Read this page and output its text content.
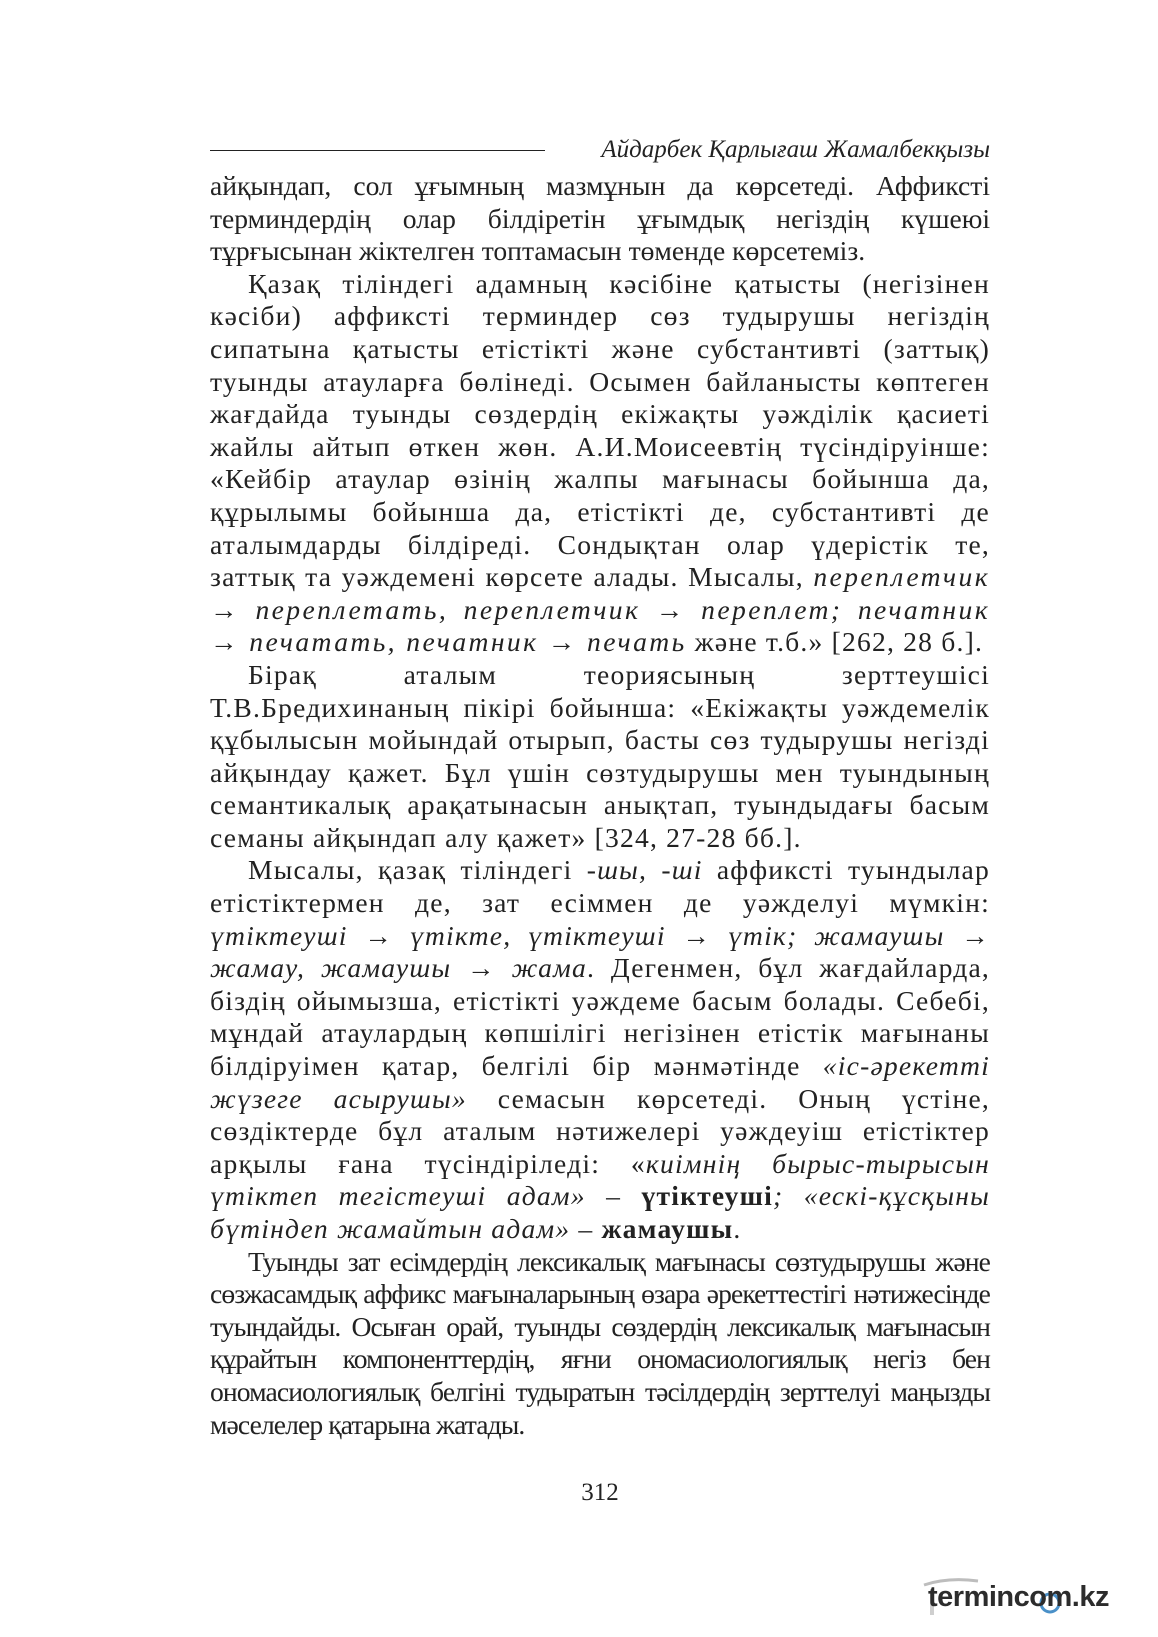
Айдарбек Қарлығаш Жамалбекқызы

айқындап, сол ұғымның мазмұнын да көрсетеді. Аффиксті терминдердің олар білдіретін ұғымдық негіздің күшеюі тұрғысынан жіктелген топтамасын төменде көрсетеміз.

Қазақ тіліндегі адамның кәсібіне қатысты (негізінен кәсіби) аффиксті терминдер сөз тудырушы негіздің сипатына қатысты етістікті және субстантивті (заттық) туынды атауларға бөлінеді. Осымен байланысты көптеген жағдайда туынды сөздердің екіжақты уәжділік қасиеті жайлы айтып өткен жөн. А.И.Моисеевтің түсіндіруінше: «Кейбір атаулар өзінің жалпы мағынасы бойынша да, құрылымы бойынша да, етістікті де, субстантивті де аталымдарды білдіреді. Сондықтан олар үдерістік те, заттық та уәждемені көрсете алады. Мысалы, переплетчик → переплетать, переплетчик → переплет; печатник → печатать, печатник → печать және т.б.» [262, 28 б.].

Бірақ аталым теориясының зерттеушісі Т.В.Бредихинаның пікірі бойынша: «Екіжақты уәждемелік құбылысын мойындай отырып, басты сөз тудырушы негізді айқындау қажет. Бұл үшін сөзтудырушы мен туындының семантикалық арақатынасын анықтап, туындыдағы басым семаны айқындап алу қажет» [324, 27-28 бб.].

Мысалы, қазақ тіліндегі -шы, -ші аффиксті туындылар етістіктермен де, зат есіммен де уәжделуі мүмкін: үтіктеуші → үтікте, үтіктеуші → үтік; жамаушы → жамау, жамаушы → жама. Дегенмен, бұл жағдайларда, біздің ойымызша, етістікті уәждеме басым болады. Себебі, мұндай атаулардың көпшілігі негізінен етістік мағынаны білдіруімен қатар, белгілі бір мәнмәтінде «іс-әрекетті жүзеге асырушы» семасын көрсетеді. Оның үстіне, сөздіктерде бұл аталым нәтижелері уәждеуіш етістіктер арқылы ғана түсіндіріледі: «киімнің бырыс-тырысын үтіктеп тегістеуші адам» – үтіктеуші; «ескі-құсқыны бүтіндеп жамайтын адам» – жамаушы.

Туынды зат есімдердің лексикалық мағынасы сөзтудырушы және сөзжасамдық аффикс мағыналарының өзара әрекеттестігі нәтижесінде туындайды. Осыған орай, туынды сөздердің лексикалық мағынасын құрайтын компоненттердің, яғни ономасиологиялық негіз бен ономасиологиялық белгіні тудыратын тәсілдердің зерттелуі маңызды мәселелер қатарына жатады.

312
termincom.kz
